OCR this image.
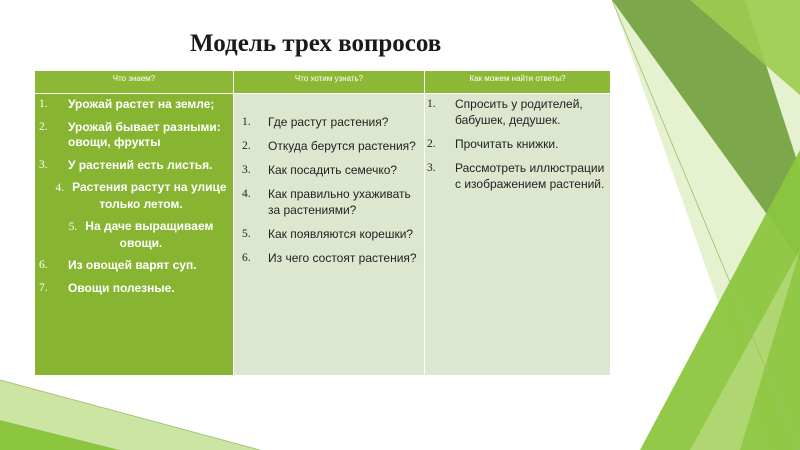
Модель трех вопросов
Что знаем?	Что хотим узнать?	Как можем найти ответы?
1. Урожай растет на земле;
2. Урожай бывает разными: овощи, фрукты
3. У растений есть листья.
4. Растения растут на улице только летом.
5. На даче выращиваем овощи.
6. Из овощей варят суп.
7. Овощи полезные.
1. Где растут растения?
2. Откуда берутся растения?
3. Как посадить семечко?
4. Как правильно ухаживать за растениями?
5. Как появляются корешки?
6. Из чего состоят растения?
1. Спросить у родителей, бабушек, дедушек.
2. Прочитать книжки.
3. Рассмотреть иллюстрации с изображением растений.
